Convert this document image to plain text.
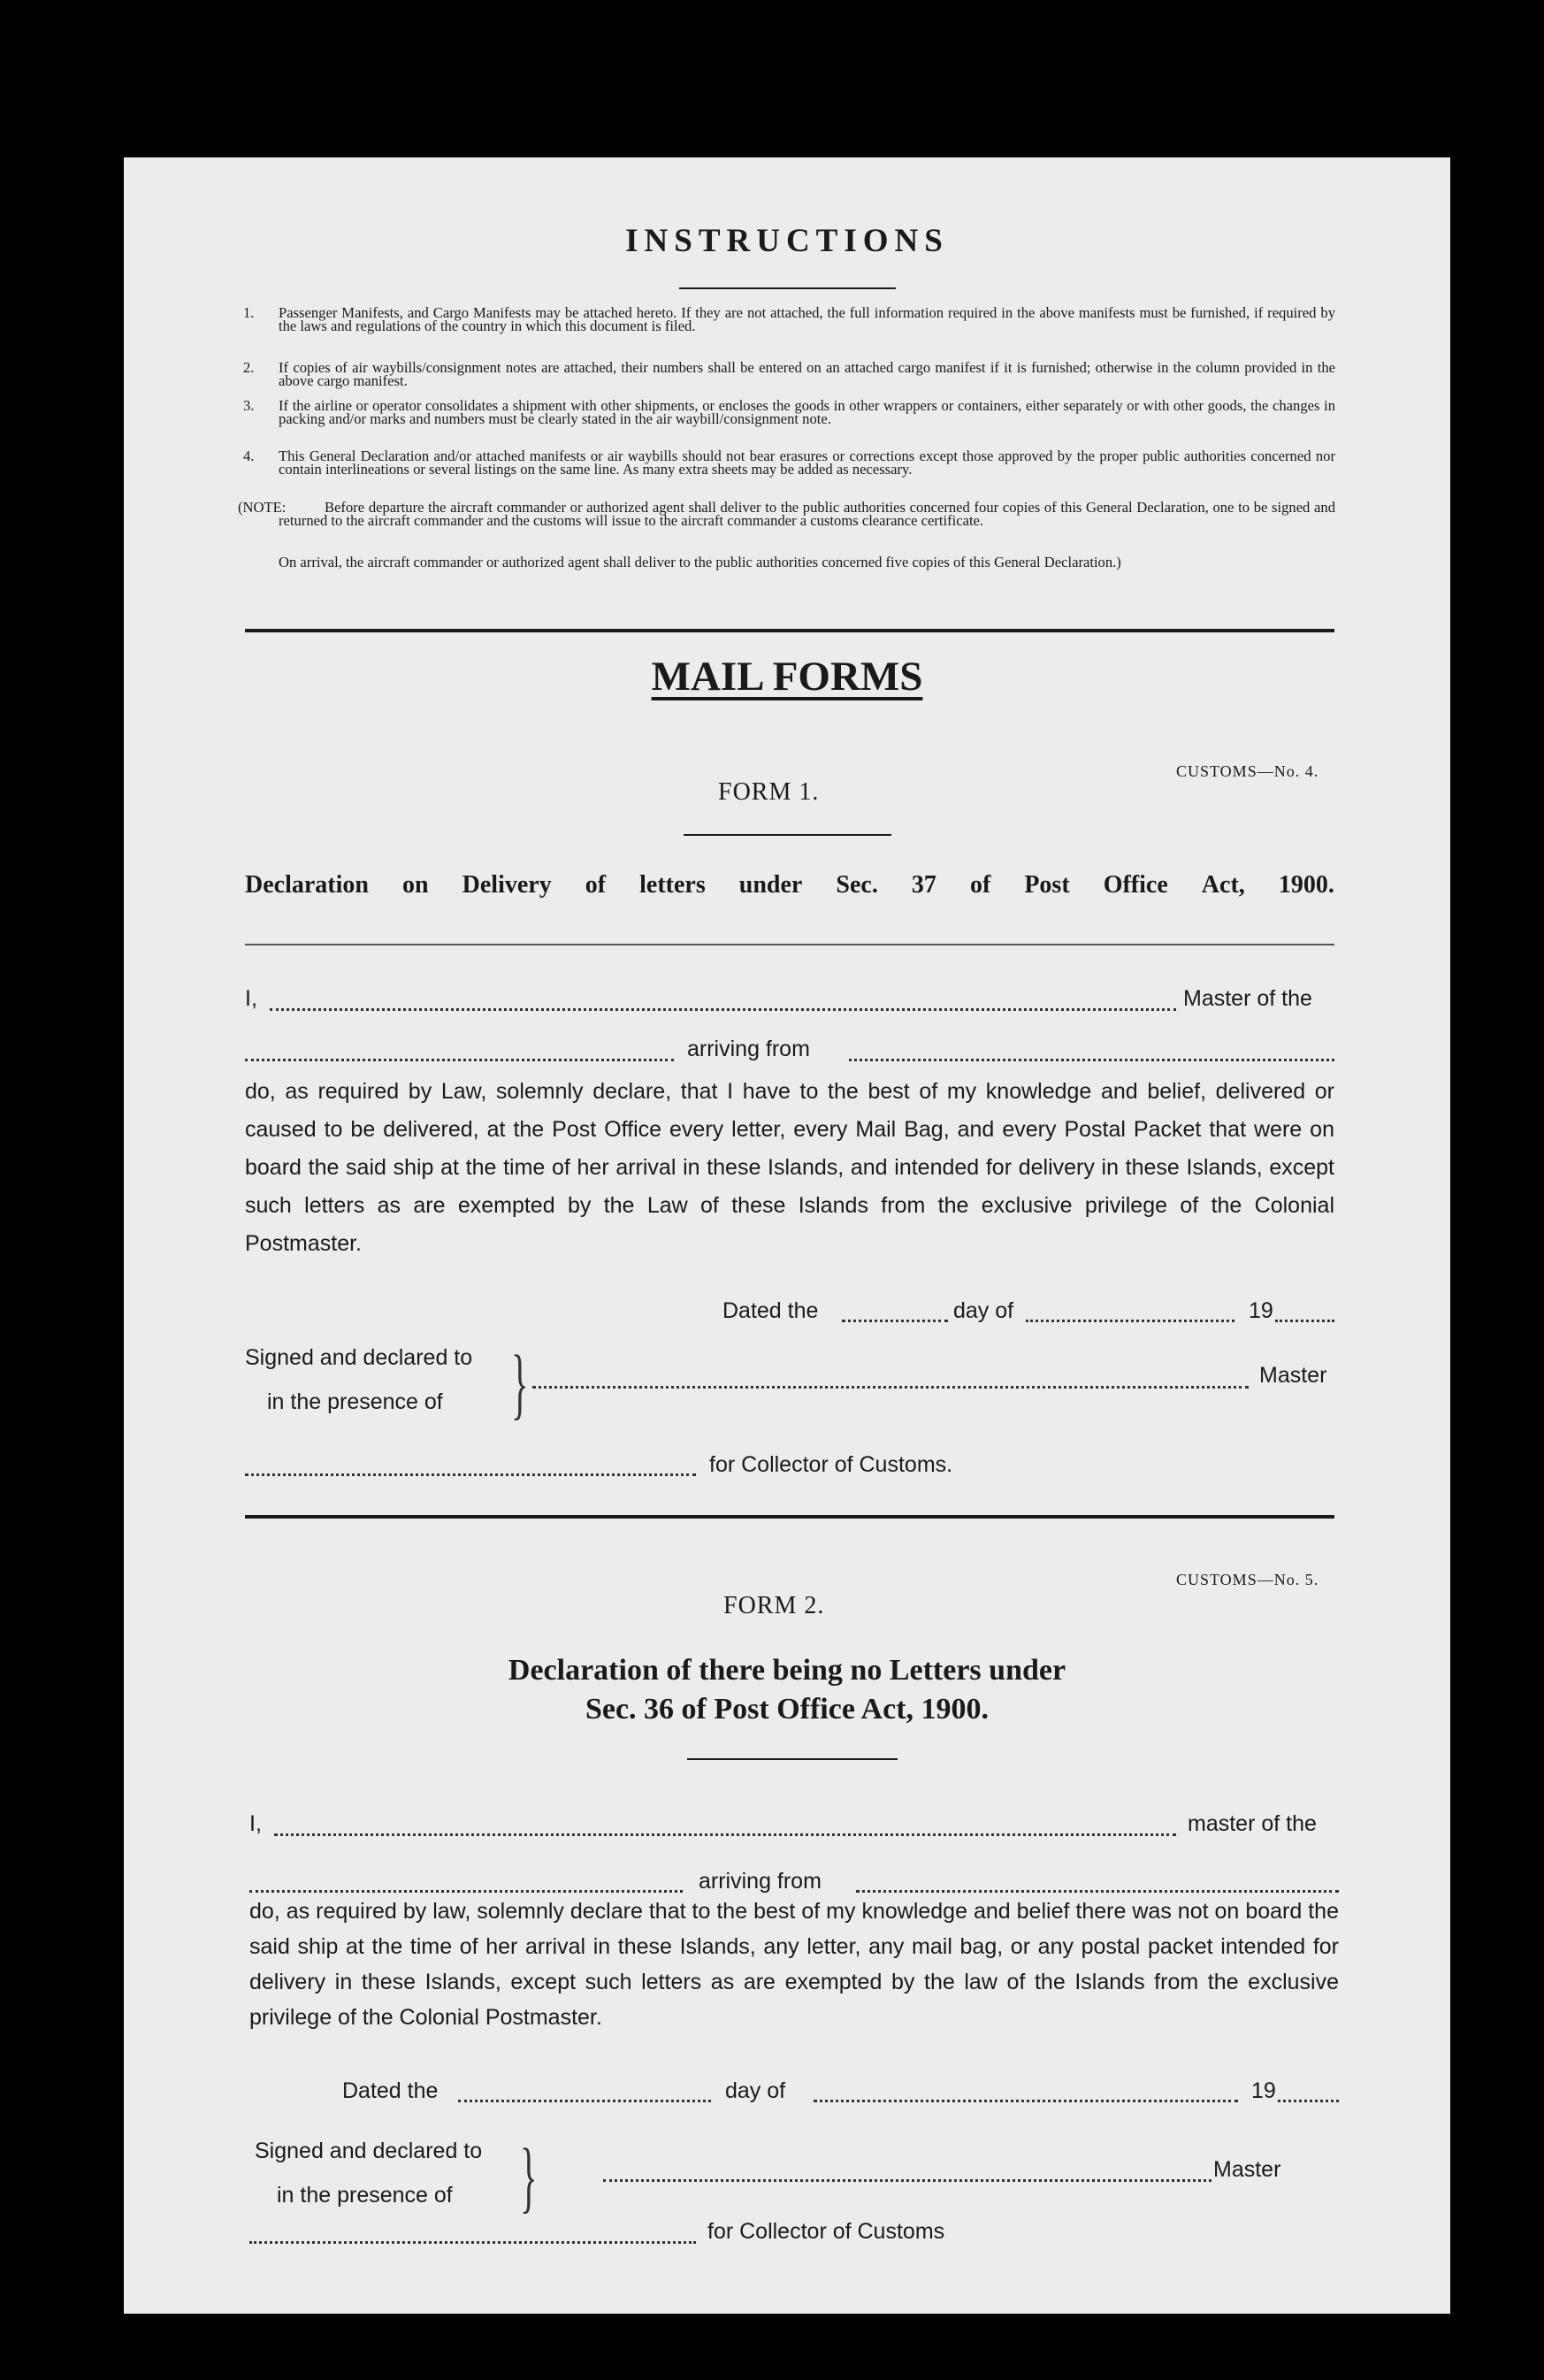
INSTRUCTIONS
1. Passenger Manifests, and Cargo Manifests may be attached hereto. If they are not attached, the full information required in the above manifests must be furnished, if required by the laws and regulations of the country in which this document is filed.
2. If copies of air waybills/consignment notes are attached, their numbers shall be entered on an attached cargo manifest if it is furnished; otherwise in the column provided in the above cargo manifest.
3. If the airline or operator consolidates a shipment with other shipments, or encloses the goods in other wrappers or containers, either separately or with other goods, the changes in packing and/or marks and numbers must be clearly stated in the air waybill/consignment note.
4. This General Declaration and/or attached manifests or air waybills should not bear erasures or corrections except those approved by the proper public authorities concerned nor contain interlineations or several listings on the same line. As many extra sheets may be added as necessary.
(NOTE:	Before departure the aircraft commander or authorized agent shall deliver to the public authorities concerned four copies of this General Declaration, one to be signed and returned to the aircraft commander and the customs will issue to the aircraft commander a customs clearance certificate.
On arrival, the aircraft commander or authorized agent shall deliver to the public authorities concerned five copies of this General Declaration.)
MAIL FORMS
CUSTOMS—No. 4.
FORM 1.
Declaration on Delivery of letters under Sec. 37 of Post Office Act, 1900.
I,	Master of the
arriving from
do, as required by Law, solemnly declare, that I have to the best of my knowledge and belief, delivered or caused to be delivered, at the Post Office every letter, every Mail Bag, and every Postal Packet that were on board the said ship at the time of her arrival in these Islands, and intended for delivery in these Islands, except such letters as are exempted by the Law of these Islands from the exclusive privilege of the Colonial Postmaster.
Dated the	day of	19
Signed and declared to
in the presence of }	Master
for Collector of Customs.
CUSTOMS—No. 5.
FORM 2.
Declaration of there being no Letters under
Sec. 36 of Post Office Act, 1900.
I,	master of the
arriving from
do, as required by law, solemnly declare that to the best of my knowledge and belief there was not on board the said ship at the time of her arrival in these Islands, any letter, any mail bag, or any postal packet intended for delivery in these Islands, except such letters as are exempted by the law of the Islands from the exclusive privilege of the Colonial Postmaster.
Dated the	day of	19
Signed and declared to
in the presence of }	Master
for Collector of Customs
